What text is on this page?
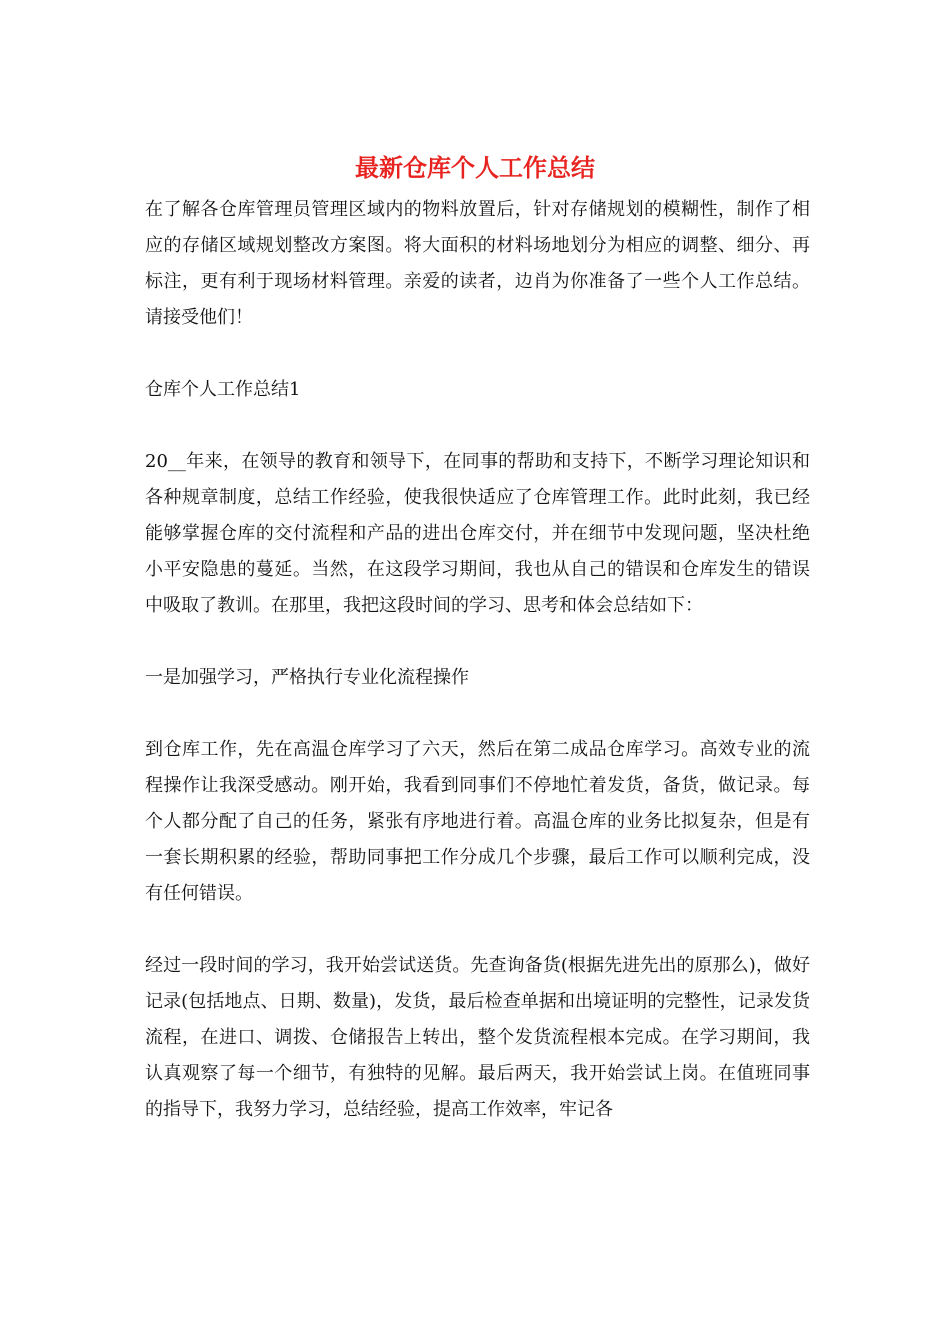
最新仓库个人工作总结

在了解各仓库管理员管理区域内的物料放置后，针对存储规划的模糊性，制作了相应的存储区域规划整改方案图。将大面积的材料场地划分为相应的调整、细分、再标注，更有利于现场材料管理。亲爱的读者，边肖为你准备了一些个人工作总结。请接受他们！

仓库个人工作总结1

20__年来，在领导的教育和领导下，在同事的帮助和支持下，不断学习理论知识和各种规章制度，总结工作经验，使我很快适应了仓库管理工作。此时此刻，我已经能够掌握仓库的交付流程和产品的进出仓库交付，并在细节中发现问题，坚决杜绝小平安隐患的蔓延。当然，在这段学习期间，我也从自己的错误和仓库发生的错误中吸取了教训。在那里，我把这段时间的学习、思考和体会总结如下：

一是加强学习，严格执行专业化流程操作

到仓库工作，先在高温仓库学习了六天，然后在第二成品仓库学习。高效专业的流程操作让我深受感动。刚开始，我看到同事们不停地忙着发货，备货，做记录。每个人都分配了自己的任务，紧张有序地进行着。高温仓库的业务比拟复杂，但是有一套长期积累的经验，帮助同事把工作分成几个步骤，最后工作可以顺利完成，没有任何错误。

经过一段时间的学习，我开始尝试送货。先查询备货(根据先进先出的原那么)，做好记录(包括地点、日期、数量)，发货，最后检查单据和出境证明的完整性，记录发货流程，在进口、调拨、仓储报告上转出，整个发货流程根本完成。在学习期间，我认真观察了每一个细节，有独特的见解。最后两天，我开始尝试上岗。在值班同事的指导下，我努力学习，总结经验，提高工作效率，牢记各
